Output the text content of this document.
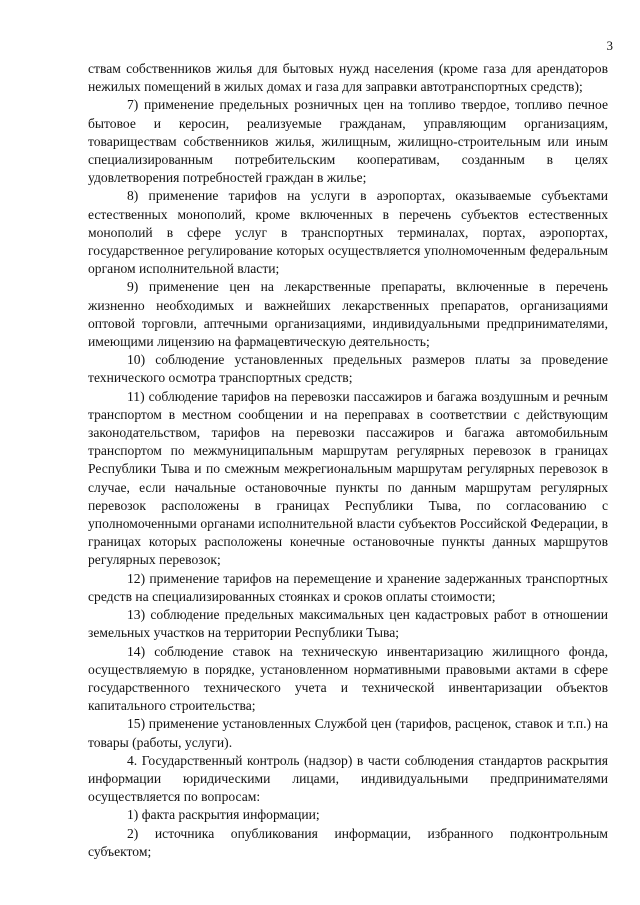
3

ствам собственников жилья для бытовых нужд населения (кроме газа для арендаторов нежилых помещений в жилых домах и газа для заправки автотранспортных средств);

7) применение предельных розничных цен на топливо твердое, топливо печное бытовое и керосин, реализуемые гражданам, управляющим организациям, товариществам собственников жилья, жилищным, жилищно-строительным или иным специализированным потребительским кооперативам, созданным в целях удовлетворения потребностей граждан в жилье;

8) применение тарифов на услуги в аэропортах, оказываемые субъектами естественных монополий, кроме включенных в перечень субъектов естественных монополий в сфере услуг в транспортных терминалах, портах, аэропортах, государственное регулирование которых осуществляется уполномоченным федеральным органом исполнительной власти;

9) применение цен на лекарственные препараты, включенные в перечень жизненно необходимых и важнейших лекарственных препаратов, организациями оптовой торговли, аптечными организациями, индивидуальными предпринимателями, имеющими лицензию на фармацевтическую деятельность;

10) соблюдение установленных предельных размеров платы за проведение технического осмотра транспортных средств;

11) соблюдение тарифов на перевозки пассажиров и багажа воздушным и речным транспортом в местном сообщении и на переправах в соответствии с действующим законодательством, тарифов на перевозки пассажиров и багажа автомобильным транспортом по межмуниципальным маршрутам регулярных перевозок в границах Республики Тыва и по смежным межрегиональным маршрутам регулярных перевозок в случае, если начальные остановочные пункты по данным маршрутам регулярных перевозок расположены в границах Республики Тыва, по согласованию с уполномоченными органами исполнительной власти субъектов Российской Федерации, в границах которых расположены конечные остановочные пункты данных маршрутов регулярных перевозок;

12) применение тарифов на перемещение и хранение задержанных транспортных средств на специализированных стоянках и сроков оплаты стоимости;

13) соблюдение предельных максимальных цен кадастровых работ в отношении земельных участков на территории Республики Тыва;

14) соблюдение ставок на техническую инвентаризацию жилищного фонда, осуществляемую в порядке, установленном нормативными правовыми актами в сфере государственного технического учета и технической инвентаризации объектов капитального строительства;

15) применение установленных Службой цен (тарифов, расценок, ставок и т.п.) на товары (работы, услуги).

4. Государственный контроль (надзор) в части соблюдения стандартов раскрытия информации юридическими лицами, индивидуальными предпринимателями осуществляется по вопросам:

1) факта раскрытия информации;

2) источника опубликования информации, избранного подконтрольным субъектом;
